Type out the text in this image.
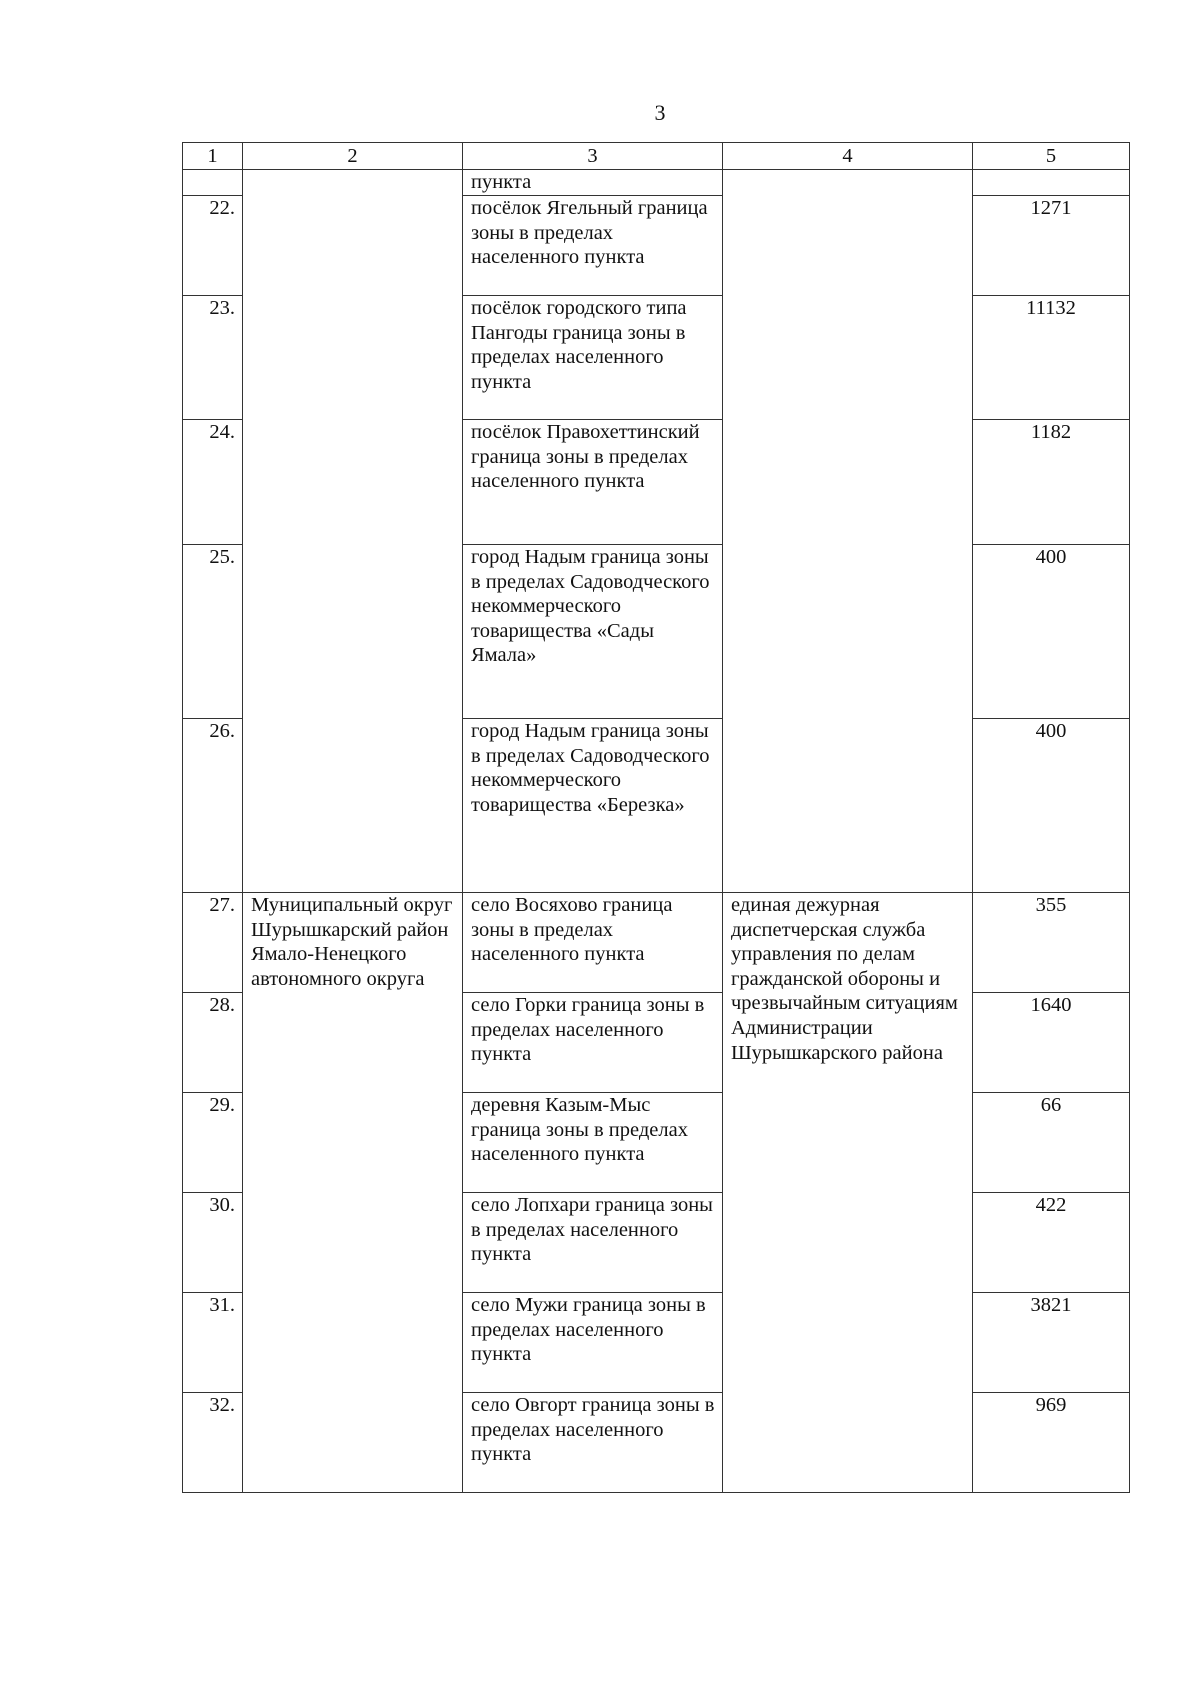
3
1	2	3	4	5
		пункта		
22.		посёлок Ягельный граница зоны в пределах населенного пункта		1271
23.		посёлок городского типа Пангоды граница зоны в пределах населенного пункта		11132
24.		посёлок Правохеттинский граница зоны в пределах населенного пункта		1182
25.		город Надым граница зоны в пределах Садоводческого некоммерческого товарищества «Сады Ямала»		400
26.		город Надым граница зоны в пределах Садоводческого некоммерческого товарищества «Березка»		400
27.	Муниципальный округ Шурышкарский район Ямало-Ненецкого автономного округа	село Восяхово граница зоны в пределах населенного пункта	единая дежурная диспетчерская служба управления по делам гражданской обороны и чрезвычайным ситуациям Администрации Шурышкарского района	355
28.		село Горки граница зоны в пределах населенного пункта		1640
29.		деревня Казым-Мыс граница зоны в пределах населенного пункта		66
30.		село Лопхари граница зоны в пределах населенного пункта		422
31.		село Мужи граница зоны в пределах населенного пункта		3821
32.		село Овгорт граница зоны в пределах населенного пункта		969
